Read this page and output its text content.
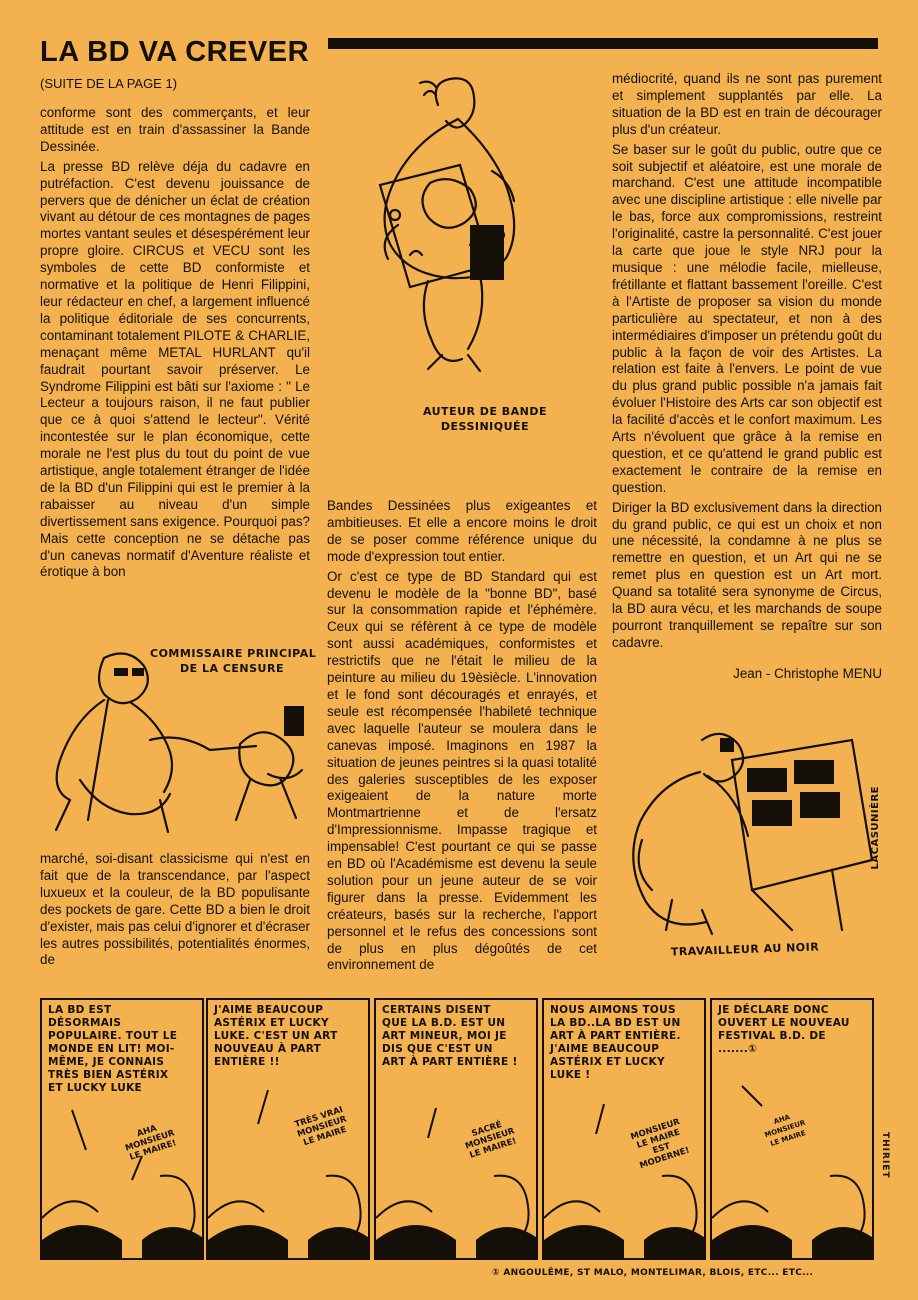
LA BD VA CREVER
(SUITE DE LA PAGE 1)

conforme sont des commerçants, et leur attitude est en train d'assassiner la Bande Dessinée.

La presse BD relève déja du cadavre en putréfaction. C'est devenu jouissance de pervers que de dénicher un éclat de création vivant au détour de ces montagnes de pages mortes vantant seules et désespérément leur propre gloire. CIRCUS et VECU sont les symboles de cette BD conformiste et normative et la politique de Henri Filippini, leur rédacteur en chef, a largement influencé la politique éditoriale de ses concurrents, contaminant totalement PILOTE & CHARLIE, menaçant même METAL HURLANT qu'il faudrait pourtant savoir préserver. Le Syndrome Filippini est bâti sur l'axiome : " Le Lecteur a toujours raison, il ne faut publier que ce à quoi s'attend le lecteur". Vérité incontestée sur le plan économique, cette morale ne l'est plus du tout du point de vue artistique, angle totalement étranger de l'idée de la BD d'un Filippini qui est le premier à la rabaisser au niveau d'un simple divertissement sans exigence. Pourquoi pas? Mais cette conception ne se détache pas d'un canevas normatif d'Aventure réaliste et érotique à bon

marché, soi-disant classicisme qui n'est en fait que de la transcendance, par l'aspect luxueux et la couleur, de la BD populisante des pockets de gare. Cette BD a bien le droit d'exister, mais pas celui d'ignorer et d'écraser les autres possibilités, potentialités énormes, de

Bandes Dessinées plus exigeantes et ambitieuses. Et elle a encore moins le droit de se poser comme référence unique du mode d'expression tout entier.

Or c'est ce type de BD Standard qui est devenu le modèle de la "bonne BD", basé sur la consommation rapide et l'éphémère. Ceux qui se réfèrent à ce type de modèle sont aussi académiques, conformistes et restrictifs que ne l'était le milieu de la peinture au milieu du 19èsiècle. L'innovation et le fond sont découragés et enrayés, et seule est récompensée l'habileté technique avec laquelle l'auteur se moulera dans le canevas imposé. Imaginons en 1987 la situation de jeunes peintres si la quasi totalité des galeries susceptibles de les exposer exigeaient de la nature morte Montmartrienne et de l'ersatz d'Impressionnisme. Impasse tragique et impensable! C'est pourtant ce qui se passe en BD où l'Académisme est devenu la seule solution pour un jeune auteur de se voir figurer dans la presse. Evidemment les créateurs, basés sur la recherche, l'apport personnel et le refus des concessions sont de plus en plus dégoûtés de cet environnement de

médiocrité, quand ils ne sont pas purement et simplement supplantés par elle. La situation de la BD est en train de décourager plus d'un créateur.

Se baser sur le goût du public, outre que ce soit subjectif et aléatoire, est une morale de marchand. C'est une attitude incompatible avec une discipline artistique : elle nivelle par le bas, force aux compromissions, restreint l'originalité, castre la personnalité. C'est jouer la carte que joue le style NRJ pour la musique : une mélodie facile, mielleuse, frétillante et flattant bassement l'oreille. C'est à l'Artiste de proposer sa vision du monde particulière au spectateur, et non à des intermédiaires d'imposer un prétendu goût du public à la façon de voir des Artistes. La relation est faite à l'envers. Le point de vue du plus grand public possible n'a jamais fait évoluer l'Histoire des Arts car son objectif est la facilité d'accès et le confort maximum. Les Arts n'évoluent que grâce à la remise en question, et ce qu'attend le grand public est exactement le contraire de la remise en question.

Diriger la BD exclusivement dans la direction du grand public, ce qui est un choix et non une nécessité, la condamne à ne plus se remettre en question, et un Art qui ne se remet plus en question est un Art mort. Quand sa totalité sera synonyme de Circus, la BD aura vécu, et les marchands de soupe pourront tranquillement se repaître sur son cadavre.

Jean - Christophe MENU

AUTEUR DE BANDE
DESSINIQUÉE
COMMISSAIRE PRINCIPAL
DE LA CENSURE
LACASUNIÈRE
TRAVAILLEUR AU NOIR
LA BD EST DÉSORMAIS POPULAIRE. TOUT LE MONDE EN LIT! MOI-MÊME, JE CONNAIS TRÈS BIEN ASTÉRIX ET LUCKY LUKE
AHA MONSIEUR LE MAIRE!
J'AIME BEAUCOUP ASTÉRIX ET LUCKY LUKE. C'EST UN ART NOUVEAU À PART ENTIÈRE !!
TRÈS VRAI MONSIEUR LE MAIRE
CERTAINS DISENT QUE LA B.D. EST UN ART MINEUR, MOI JE DIS QUE C'EST UN ART À PART ENTIÈRE !
SACRÉ MONSIEUR LE MAIRE!
NOUS AIMONS TOUS LA BD..LA BD EST UN ART À PART ENTIÈRE. J'AIME BEAUCOUP ASTÉRIX ET LUCKY LUKE !
MONSIEUR LE MAIRE EST MODERNE!
JE DÉCLARE DONC OUVERT LE NOUVEAU FESTIVAL B.D. DE .......①
AHA MONSIEUR LE MAIRE	THIRIET
① ANGOULÊME, ST MALO, MONTELIMAR, BLOIS, ETC... ETC...
